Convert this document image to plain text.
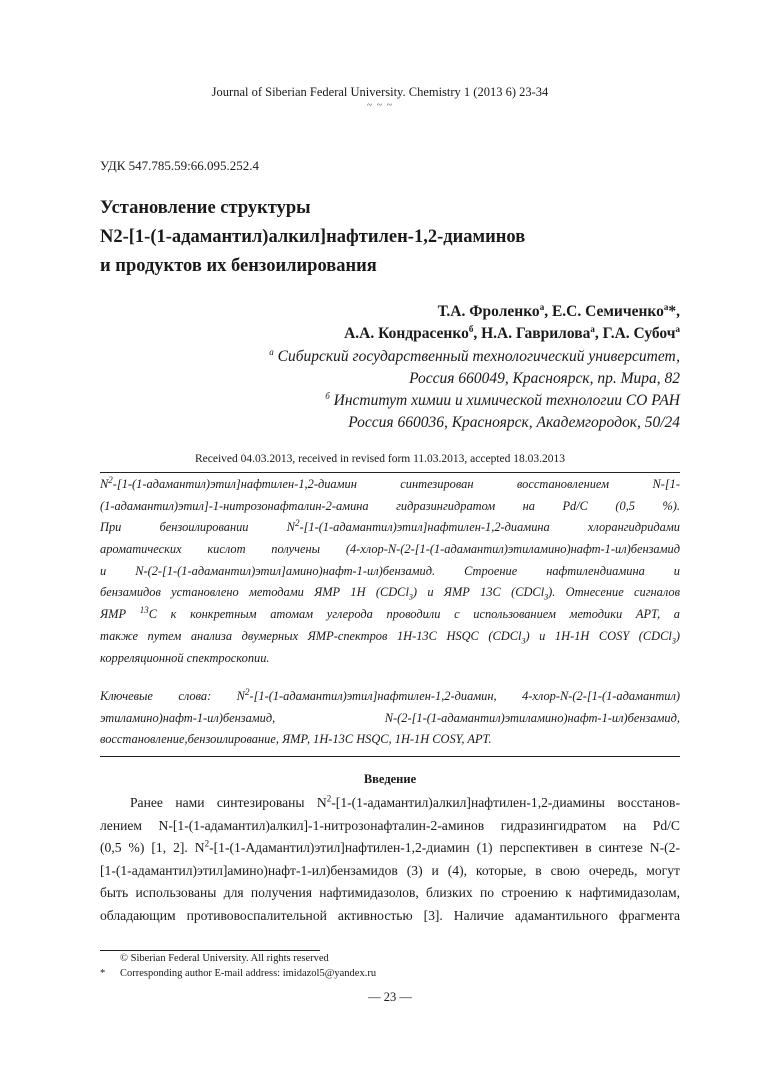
Journal of Siberian Federal University. Chemistry 1 (2013 6) 23-34
~ ~ ~
УДК 547.785.59:66.095.252.4
Установление структуры
N2-[1-(1-адамантил)алкил]нафтилен-1,2-диаминов
и продуктов их бензоилирования
Т.А. Фроленко$^а$, Е.С. Семиченко$^а$*,
А.А. Кондрасенко$^б$, Н.А. Гаврилова$^а$, Г.А. Субоч$^а$
$^а$ Сибирский государственный технологический университет,
Россия 660049, Красноярск, пр. Мира, 82
$^б$ Институт химии и химической технологии СО РАН
Россия 660036, Красноярск, Академгородок, 50/24
Received 04.03.2013, received in revised form 11.03.2013, accepted 18.03.2013
$N^2-[1-(1-адамантил)этил]нафтилен-1,2$-диамин синтезирован восстановлением N-[1-
(1-адамантил)этил]-1-нитрозонафталин-2-амина гидразингидратом на Pd/C (0,5 %).
При бензоилировании $N^2-[1-(1-адамантил)этил]нафтилен-1,2$-диамина хлорангидридами
ароматических кислот получены (4-хлор-N-(2-[1-(1-адамантил)этиламино)нафт-1-ил)бензамид
и N-(2-[1-(1-адамантил)этил]амино)нафт-1-ил)бензамид. Строение нафтилендиамина и
бензамидов установлено методами ЯМР 1Н (CDCl$_3$) и ЯМР 13C (CDCl$_3$). Отнесение сигналов
ЯМР $^{13}$С к конкретным атомам углерода проводили с использованием методики APT, а
также путем анализа двумерных ЯМР-спектров 1H-13C HSQC (CDCl$_3$) и 1H-1H COSY (CDCl$_3$)
корреляционной спектроскопии.
Ключевые слова: $N^2-[1-(1-адамантил)этил]нафтилен-1,2$-диамин, 4-хлор-N-(2-[1-(1-адамантил)
этиламино)нафт-1-ил)бензамид, N-(2-[1-(1-адамантил)этиламино)нафт-1-ил)бензамид,
восстановление,бензоилирование, ЯМР, 1H-13C HSQC, 1H-1H COSY, APT.
Введение
Ранее нами синтезированы $N^2-[1-(1-адамантил)алкил]нафтилен-1,2$-диамины восстанов-
лением N-[1-(1-адамантил)алкил]-1-нитрозонафталин-2-аминов гидразингидратом на Pd/C
(0,5 %) [1, 2]. $N^2-[1-(1-Адамантил)этил]нафтилен-1,2$-диамин (1) перспективен в синтезе N-(2-
[1-(1-адамантил)этил]амино)нафт-1-ил)бензамидов (3) и (4), которые, в свою очередь, могут
быть использованы для получения нафтимидазолов, близких по строению к нафтимидазолам,
обладающим противовоспалительной активностью [3]. Наличие адамантильного фрагмента
© Siberian Federal University. All rights reserved
* Corresponding author E-mail address: imidazol5@yandex.ru
— 23 —
